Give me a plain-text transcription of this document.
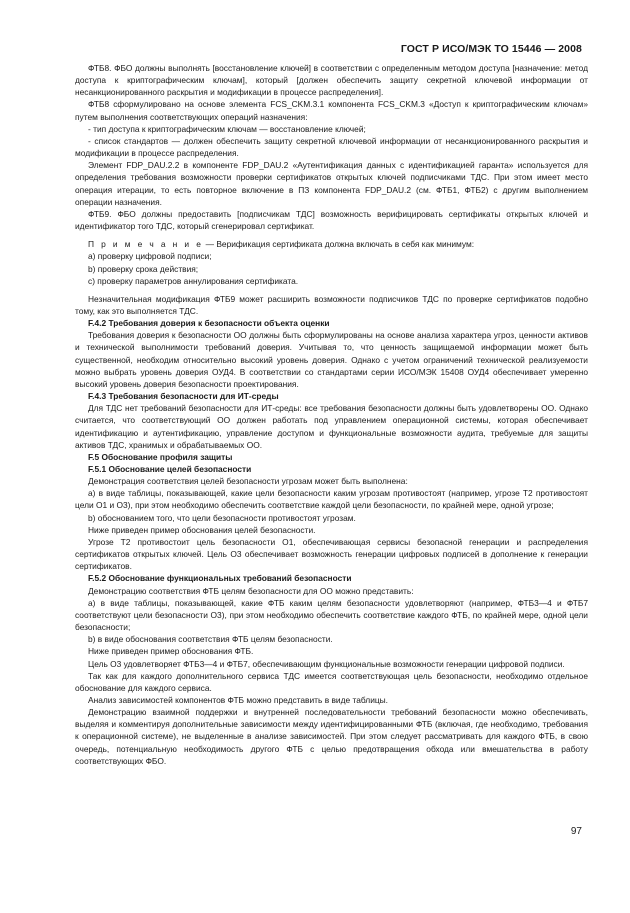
ГОСТ Р ИСО/МЭК ТО 15446 — 2008

ФТБ8. ФБО должны выполнять [восстановление ключей] в соответствии с определенным методом доступа [назначение: метод доступа к криптографическим ключам], который [должен обеспечить защиту секретной ключевой информации от несанкционированного раскрытия и модификации в процессе распределения].

ФТБ8 сформулировано на основе элемента FCS_CKM.3.1 компонента FCS_CKM.3 «Доступ к криптографическим ключам» путем выполнения соответствующих операций назначения:

- тип доступа к криптографическим ключам — восстановление ключей;

- список стандартов — должен обеспечить защиту секретной ключевой информации от несанкционированного раскрытия и модификации в процессе распределения.

Элемент FDP_DAU.2.2 в компоненте FDP_DAU.2 «Аутентификация данных с идентификацией гаранта» используется для определения требования возможности проверки сертификатов открытых ключей подписчиками ТДС. При этом имеет место операция итерации, то есть повторное включение в ПЗ компонента FDP_DAU.2 (см. ФТБ1, ФТБ2) с другим выполнением операции назначения.

ФТБ9. ФБО должны предоставить [подписчикам ТДС] возможность верифицировать сертификаты открытых ключей и идентификатор того ТДС, который сгенерировал сертификат.

П р и м е ч а н и е — Верификация сертификата должна включать в себя как минимум:

a) проверку цифровой подписи;

b) проверку срока действия;

c) проверку параметров аннулирования сертификата.

Незначительная модификация ФТБ9 может расширить возможности подписчиков ТДС по проверке сертификатов подобно тому, как это выполняется ТДС.

F.4.2 Требования доверия к безопасности объекта оценки

Требования доверия к безопасности ОО должны быть сформулированы на основе анализа характера угроз, ценности активов и технической выполнимости требований доверия. Учитывая то, что ценность защищаемой информации может быть существенной, необходим относительно высокий уровень доверия. Однако с учетом ограничений технической реализуемости можно выбрать уровень доверия ОУД4. В соответствии со стандартами серии ИСО/МЭК 15408 ОУД4 обеспечивает умеренно высокий уровень доверия безопасности проектирования.

F.4.3 Требования безопасности для ИТ-среды

Для ТДС нет требований безопасности для ИТ-среды: все требования безопасности должны быть удовлетворены ОО. Однако считается, что соответствующий ОО должен работать под управлением операционной системы, которая обеспечивает идентификацию и аутентификацию, управление доступом и функциональные возможности аудита, требуемые для защиты активов ТДС, хранимых и обрабатываемых ОО.

F.5 Обоснование профиля защиты

F.5.1 Обоснование целей безопасности

Демонстрация соответствия целей безопасности угрозам может быть выполнена:

a) в виде таблицы, показывающей, какие цели безопасности каким угрозам противостоят (например, угрозе Т2 противостоят цели О1 и О3), при этом необходимо обеспечить соответствие каждой цели безопасности, по крайней мере, одной угрозе;

b) обоснованием того, что цели безопасности противостоят угрозам.

Ниже приведен пример обоснования целей безопасности.

Угрозе Т2 противостоит цель безопасности О1, обеспечивающая сервисы безопасной генерации и распределения сертификатов открытых ключей. Цель О3 обеспечивает возможность генерации цифровых подписей в дополнение к генерации сертификатов.

F.5.2 Обоснование функциональных требований безопасности

Демонстрацию соответствия ФТБ целям безопасности для ОО можно представить:

a) в виде таблицы, показывающей, какие ФТБ каким целям безопасности удовлетворяют (например, ФТБ3—4 и ФТБ7 соответствуют цели безопасности О3), при этом необходимо обеспечить соответствие каждого ФТБ, по крайней мере, одной цели безопасности;

b) в виде обоснования соответствия ФТБ целям безопасности.

Ниже приведен пример обоснования ФТБ.

Цель О3 удовлетворяет ФТБ3—4 и ФТБ7, обеспечивающим функциональные возможности генерации цифровой подписи.

Так как для каждого дополнительного сервиса ТДС имеется соответствующая цель безопасности, необходимо отдельное обоснование для каждого сервиса.

Анализ зависимостей компонентов ФТБ можно представить в виде таблицы.

Демонстрацию взаимной поддержки и внутренней последовательности требований безопасности можно обеспечивать, выделяя и комментируя дополнительные зависимости между идентифицированными ФТБ (включая, где необходимо, требования к операционной системе), не выделенные в анализе зависимостей. При этом следует рассматривать для каждого ФТБ, в свою очередь, потенциальную необходимость другого ФТБ с целью предотвращения обхода или вмешательства в работу соответствующих ФБО.

97
